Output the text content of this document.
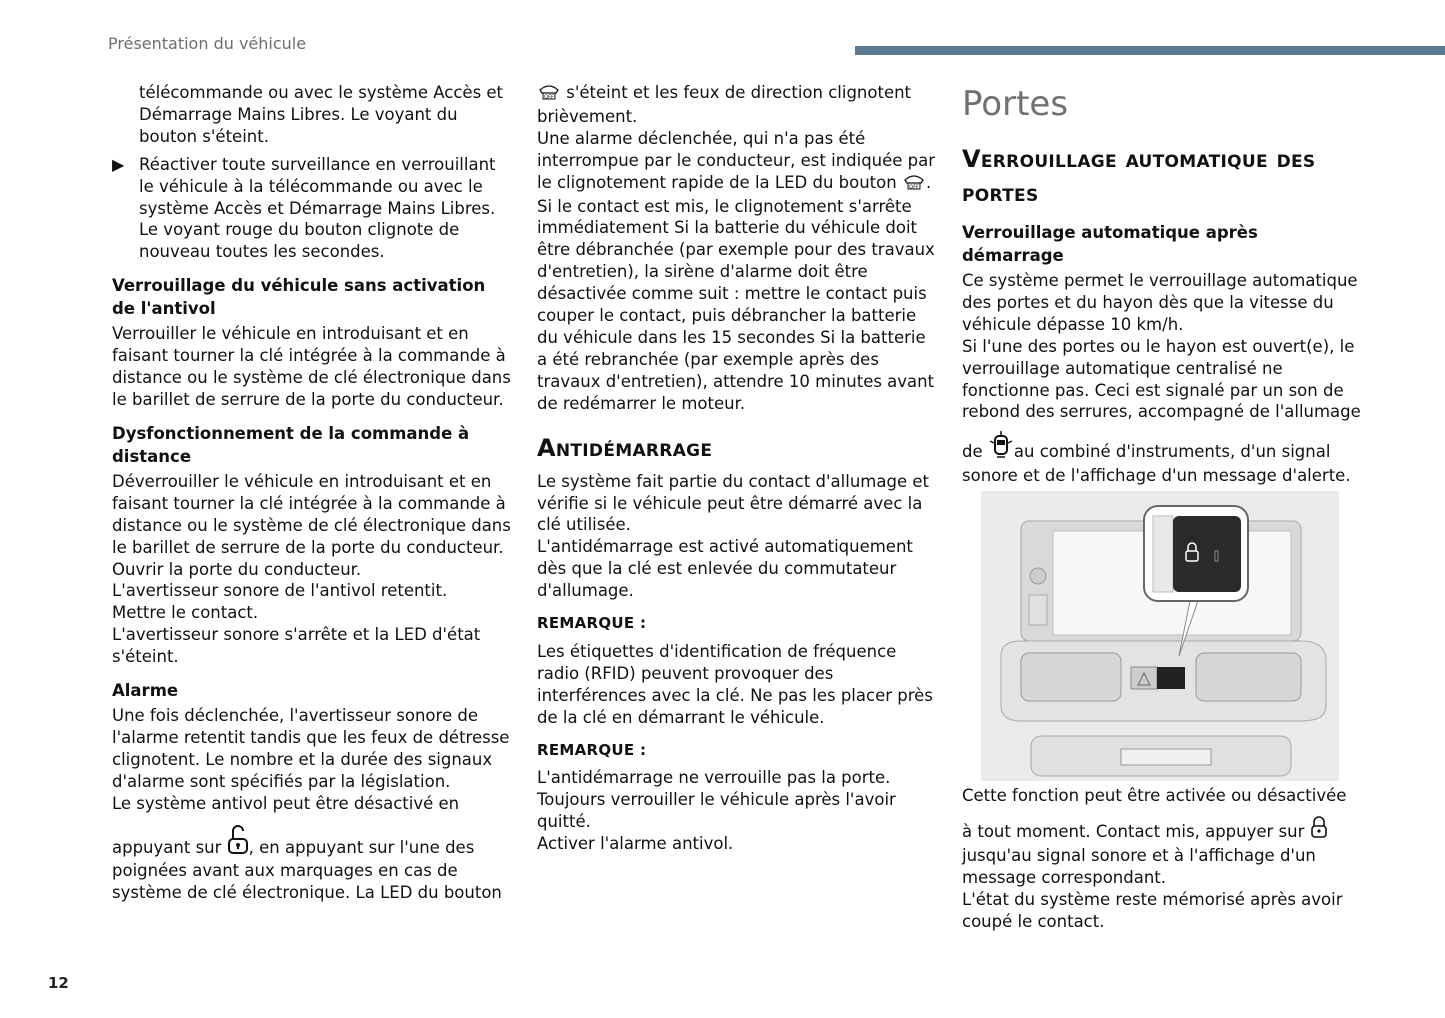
Présentation du véhicule

télécommande ou avec le système Accès et Démarrage Mains Libres. Le voyant du bouton s'éteint.

▶ Réactiver toute surveillance en verrouillant le véhicule à la télécommande ou avec le système Accès et Démarrage Mains Libres. Le voyant rouge du bouton clignote de nouveau toutes les secondes.

Verrouillage du véhicule sans activation de l'antivol

Verrouiller le véhicule en introduisant et en faisant tourner la clé intégrée à la commande à distance ou le système de clé électronique dans le barillet de serrure de la porte du conducteur.

Dysfonctionnement de la commande à distance

Déverrouiller le véhicule en introduisant et en faisant tourner la clé intégrée à la commande à distance ou le système de clé électronique dans le barillet de serrure de la porte du conducteur.

Ouvrir la porte du conducteur.

L'avertisseur sonore de l'antivol retentit.

Mettre le contact.

L'avertisseur sonore s'arrête et la LED d'état s'éteint.

Alarme

Une fois déclenchée, l'avertisseur sonore de l'alarme retentit tandis que les feux de détresse clignotent. Le nombre et la durée des signaux d'alarme sont spécifiés par la législation.

Le système antivol peut être désactivé en

appuyant sur , en appuyant sur l'une des poignées avant aux marquages en cas de système de clé électronique. La LED du bouton

OFF s'éteint et les feux de direction clignotent brièvement.

Une alarme déclenchée, qui n'a pas été interrompue par le conducteur, est indiquée par le clignotement rapide de la LED du bouton OFF .

Si le contact est mis, le clignotement s'arrête immédiatement Si la batterie du véhicule doit être débranchée (par exemple pour des travaux d'entretien), la sirène d'alarme doit être désactivée comme suit : mettre le contact puis couper le contact, puis débrancher la batterie du véhicule dans les 15 secondes Si la batterie a été rebranchée (par exemple après des travaux d'entretien), attendre 10 minutes avant de redémarrer le moteur.

Antidémarrage

Le système fait partie du contact d'allumage et vérifie si le véhicule peut être démarré avec la clé utilisée.

L'antidémarrage est activé automatiquement dès que la clé est enlevée du commutateur d'allumage.

REMARQUE :

Les étiquettes d'identification de fréquence radio (RFID) peuvent provoquer des interférences avec la clé. Ne pas les placer près de la clé en démarrant le véhicule.

REMARQUE :

L'antidémarrage ne verrouille pas la porte.

Toujours verrouiller le véhicule après l'avoir quitté.

Activer l'alarme antivol.

Portes

Verrouillage automatique des portes

Verrouillage automatique après démarrage

Ce système permet le verrouillage automatique des portes et du hayon dès que la vitesse du véhicule dépasse 10 km/h.

Si l'une des portes ou le hayon est ouvert(e), le verrouillage automatique centralisé ne fonctionne pas. Ceci est signalé par un son de rebond des serrures, accompagné de l'allumage

de au combiné d'instruments, d'un signal sonore et de l'affichage d'un message d'alerte.

Cette fonction peut être activée ou désactivée

à tout moment. Contact mis, appuyer sur  jusqu'au signal sonore et à l'affichage d'un message correspondant.

L'état du système reste mémorisé après avoir coupé le contact.

12
